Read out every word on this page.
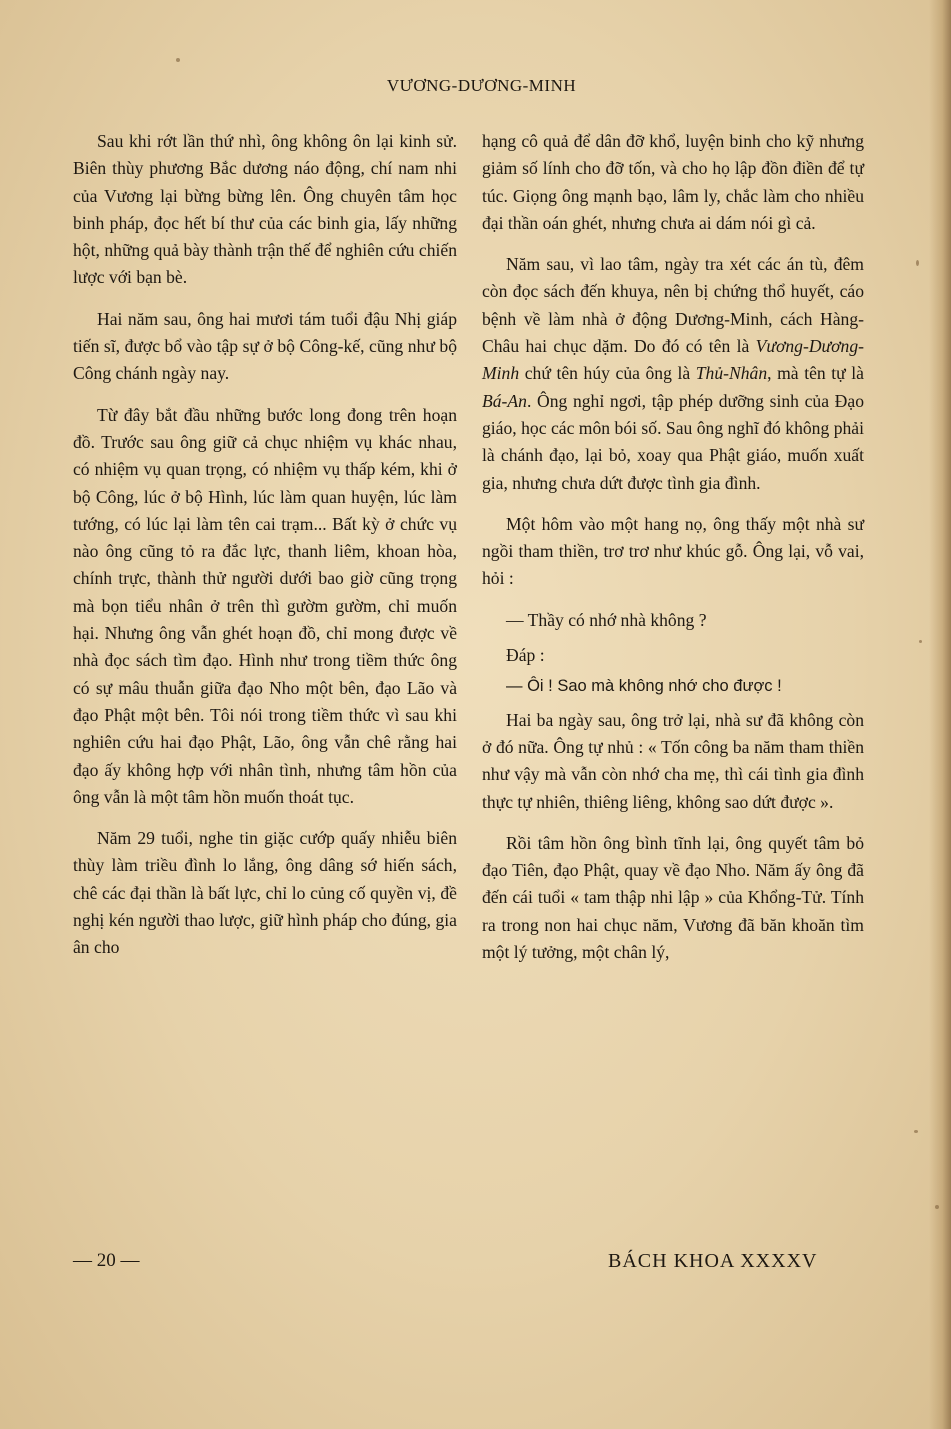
VƯƠNG-DƯƠNG-MINH

Sau khi rớt lần thứ nhì, ông không ôn lại kinh sử. Biên thùy phương Bắc dương náo động, chí nam nhi của Vương lại bừng bừng lên. Ông chuyên tâm học binh pháp, đọc hết bí thư của các binh gia, lấy những hột, những quả bày thành trận thế để nghiên cứu chiến lược với bạn bè.

Hai năm sau, ông hai mươi tám tuổi đậu Nhị giáp tiến sĩ, được bổ vào tập sự ở bộ Công-kế, cũng như bộ Công chánh ngày nay.

Từ đây bắt đầu những bước long đong trên hoạn đồ. Trước sau ông giữ cả chục nhiệm vụ khác nhau, có nhiệm vụ quan trọng, có nhiệm vụ thấp kém, khi ở bộ Công, lúc ở bộ Hình, lúc làm quan huyện, lúc làm tướng, có lúc lại làm tên cai trạm... Bất kỳ ở chức vụ nào ông cũng tỏ ra đắc lực, thanh liêm, khoan hòa, chính trực, thành thử người dưới bao giờ cũng trọng mà bọn tiểu nhân ở trên thì gườm gườm, chỉ muốn hại. Nhưng ông vẫn ghét hoạn đồ, chỉ mong được về nhà đọc sách tìm đạo. Hình như trong tiềm thức ông có sự mâu thuẫn giữa đạo Nho một bên, đạo Lão và đạo Phật một bên. Tôi nói trong tiềm thức vì sau khi nghiên cứu hai đạo Phật, Lão, ông vẫn chê rằng hai đạo ấy không hợp với nhân tình, nhưng tâm hồn của ông vẫn là một tâm hồn muốn thoát tục.

Năm 29 tuổi, nghe tin giặc cướp quấy nhiễu biên thùy làm triều đình lo lắng, ông dâng sớ hiến sách, chê các đại thần là bất lực, chỉ lo củng cố quyền vị, đề nghị kén người thao lược, giữ hình pháp cho đúng, gia ân cho

hạng cô quả để dân đỡ khổ, luyện binh cho kỹ nhưng giảm số lính cho đỡ tốn, và cho họ lập đồn điền để tự túc. Giọng ông mạnh bạo, lâm ly, chắc làm cho nhiều đại thần oán ghét, nhưng chưa ai dám nói gì cả.

Năm sau, vì lao tâm, ngày tra xét các án tù, đêm còn đọc sách đến khuya, nên bị chứng thổ huyết, cáo bệnh về làm nhà ở động Dương-Minh, cách Hàng-Châu hai chục dặm. Do đó có tên là Vương-Dương-Minh chứ tên húy của ông là Thủ-Nhân, mà tên tự là Bá-An. Ông nghỉ ngơi, tập phép dưỡng sinh của Đạo giáo, học các môn bói số. Sau ông nghĩ đó không phải là chánh đạo, lại bỏ, xoay qua Phật giáo, muốn xuất gia, nhưng chưa dứt được tình gia đình.

Một hôm vào một hang nọ, ông thấy một nhà sư ngồi tham thiền, trơ trơ như khúc gỗ. Ông lại, vỗ vai, hỏi :

— Thầy có nhớ nhà không ?

Đáp :

— Ôi ! Sao mà không nhớ cho được !

Hai ba ngày sau, ông trở lại, nhà sư đã không còn ở đó nữa. Ông tự nhủ : « Tốn công ba năm tham thiền như vậy mà vẫn còn nhớ cha mẹ, thì cái tình gia đình thực tự nhiên, thiêng liêng, không sao dứt được ».

Rồi tâm hồn ông bình tĩnh lại, ông quyết tâm bỏ đạo Tiên, đạo Phật, quay về đạo Nho. Năm ấy ông đã đến cái tuổi « tam thập nhi lập » của Khổng-Tử. Tính ra trong non hai chục năm, Vương đã băn khoăn tìm một lý tưởng, một chân lý,

— 20 —	BÁCH KHOA XXXXV
